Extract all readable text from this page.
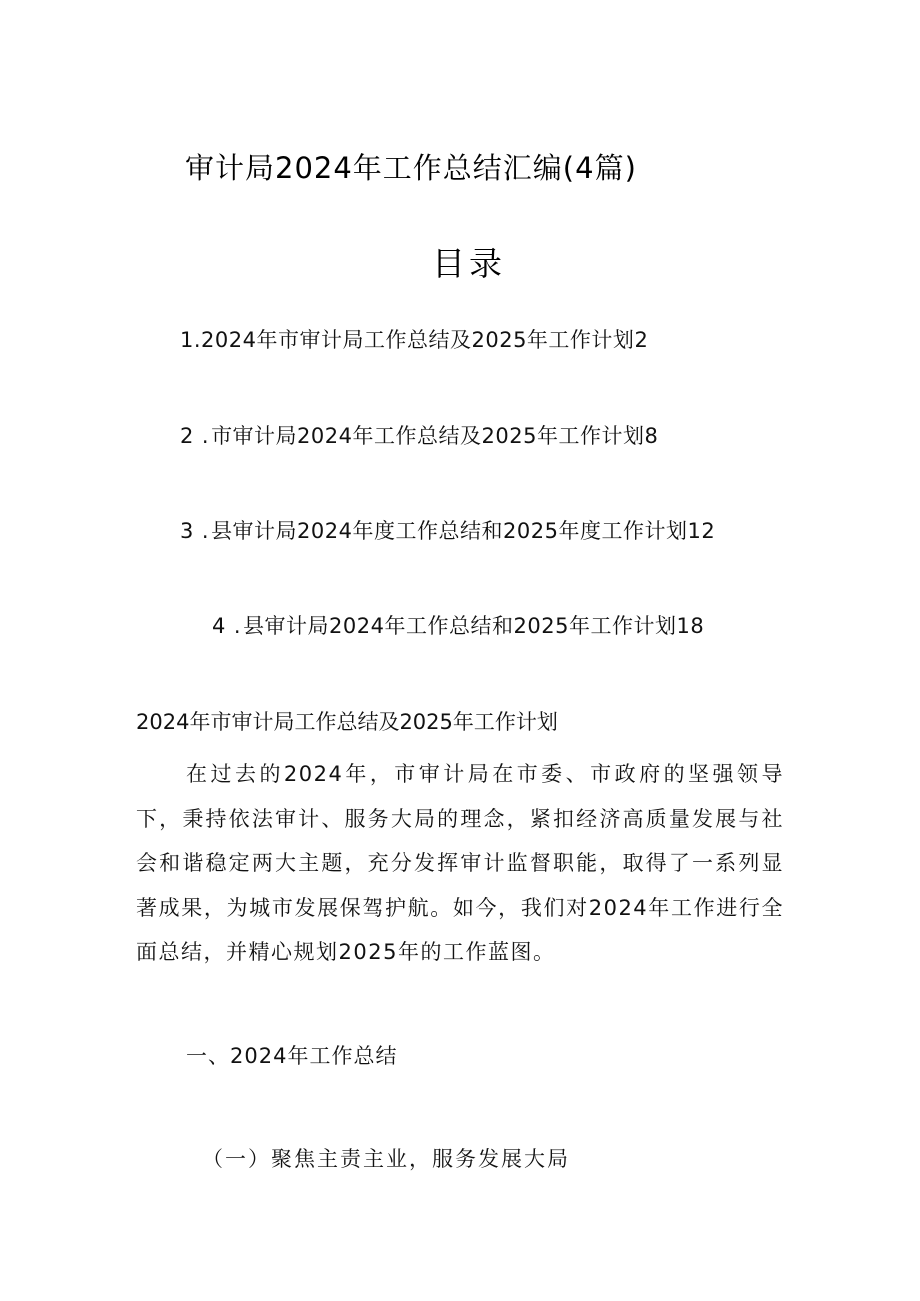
审计局2024年工作总结汇编(4篇)
目录
1.2024年市审计局工作总结及2025年工作计划2
2 .市审计局2024年工作总结及2025年工作计划8
3 .县审计局2024年度工作总结和2025年度工作计划12
4 .县审计局2024年工作总结和2025年工作计划18
2024年市审计局工作总结及2025年工作计划

在过去的2024年，市审计局在市委、市政府的坚强领导下，秉持依法审计、服务大局的理念，紧扣经济高质量发展与社会和谐稳定两大主题，充分发挥审计监督职能，取得了一系列显著成果，为城市发展保驾护航。如今，我们对2024年工作进行全面总结，并精心规划2025年的工作蓝图。

一、2024年工作总结
（一）聚焦主责主业，服务发展大局
